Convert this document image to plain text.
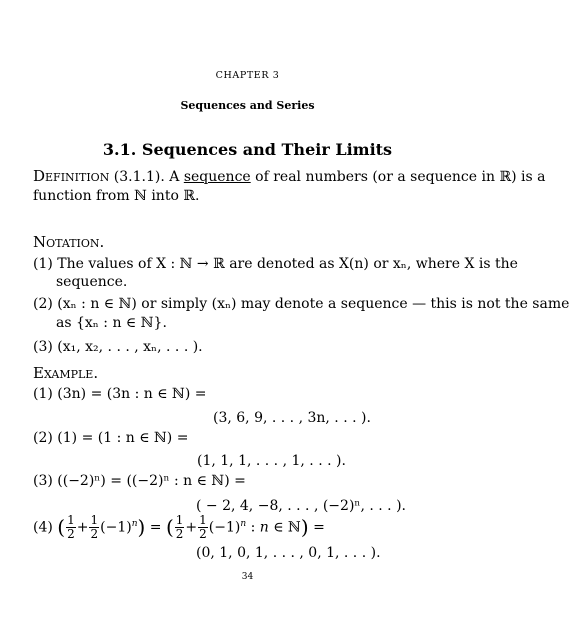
CHAPTER 3
Sequences and Series
3.1. Sequences and Their Limits
Definition (3.1.1). A sequence of real numbers (or a sequence in ℝ) is a
function from ℕ into ℝ.
Notation.
(1) The values of X : ℕ → ℝ are denoted as X(n) or xₙ, where X is the
sequence.
(2) (xₙ : n ∈ ℕ) or simply (xₙ) may denote a sequence — this is not the same
as {xₙ : n ∈ ℕ}.
(3) (x₁, x₂, . . . , xₙ, . . . ).
Example.
(1) (3n) = (3n : n ∈ ℕ) =
(3, 6, 9, . . . , 3n, . . . ).
(2) (1) = (1 : n ∈ ℕ) =
(1, 1, 1, . . . , 1, . . . ).
(3) ((−2)ⁿ) = ((−2)ⁿ : n ∈ ℕ) =
( − 2, 4, −8, . . . , (−2)ⁿ, . . . ).
(4) ( $\frac{1}{2} + \frac{1}{2} (-1)^n$) = ( $\frac{1}{2} + \frac{1}{2} (-1)^n$ : n ∈ ℕ) =
(0, 1, 0, 1, . . . , 0, 1, . . . ).
34
